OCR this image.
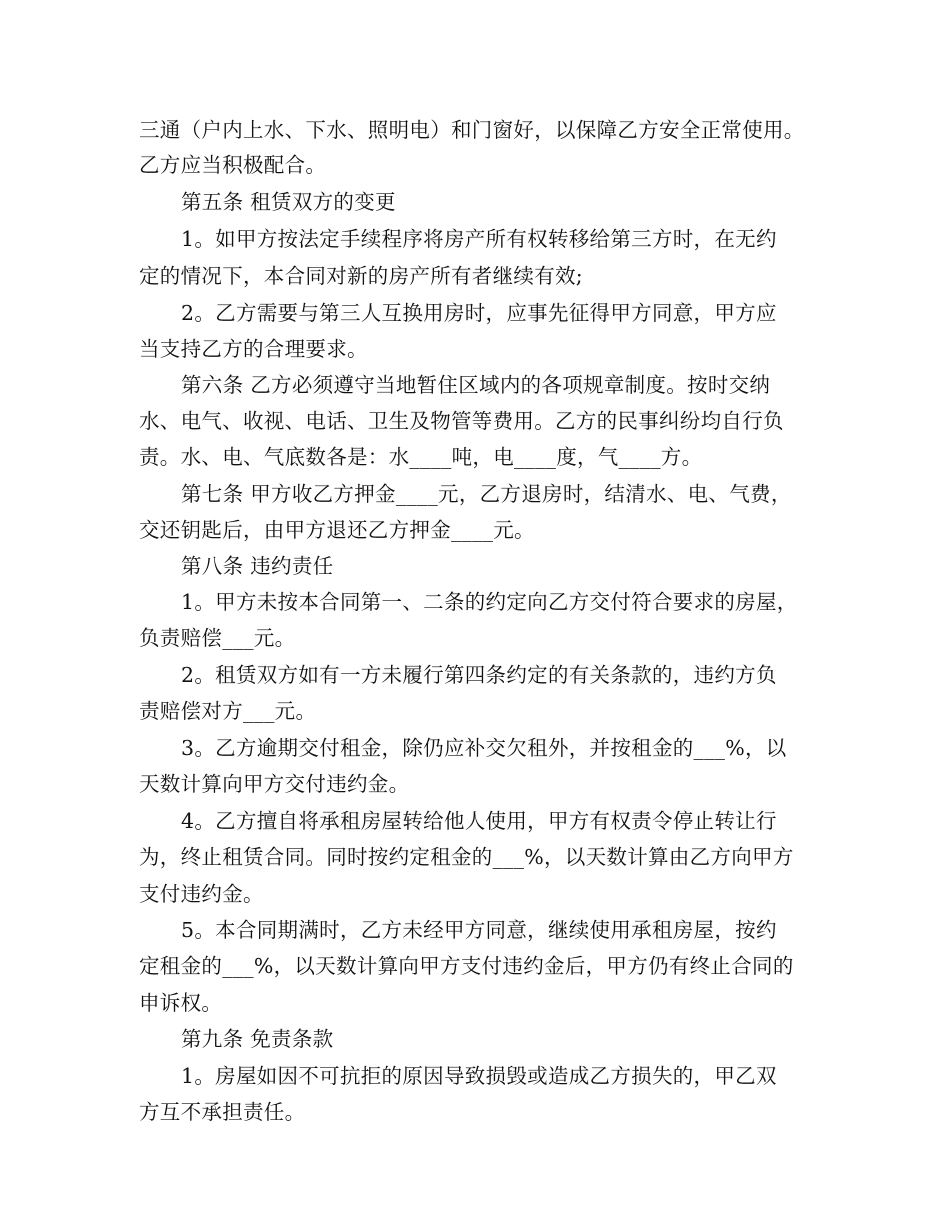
三通（户内上水、下水、照明电）和门窗好，以保障乙方安全正常使用。
乙方应当积极配合。
第五条 租赁双方的变更
1。如甲方按法定手续程序将房产所有权转移给第三方时，在无约
定的情况下，本合同对新的房产所有者继续有效;
2。乙方需要与第三人互换用房时，应事先征得甲方同意，甲方应
当支持乙方的合理要求。
第六条 乙方必须遵守当地暂住区域内的各项规章制度。按时交纳
水、电气、收视、电话、卫生及物管等费用。乙方的民事纠纷均自行负
责。水、电、气底数各是：水____吨，电____度，气____方。
第七条 甲方收乙方押金____元，乙方退房时，结清水、电、气费，
交还钥匙后，由甲方退还乙方押金____元。
第八条 违约责任
1。甲方未按本合同第一、二条的约定向乙方交付符合要求的房屋，
负责赔偿___元。
2。租赁双方如有一方未履行第四条约定的有关条款的，违约方负
责赔偿对方___元。
3。乙方逾期交付租金，除仍应补交欠租外，并按租金的___%，以
天数计算向甲方交付违约金。
4。乙方擅自将承租房屋转给他人使用，甲方有权责令停止转让行
为，终止租赁合同。同时按约定租金的___%，以天数计算由乙方向甲方
支付违约金。
5。本合同期满时，乙方未经甲方同意，继续使用承租房屋，按约
定租金的___%，以天数计算向甲方支付违约金后，甲方仍有终止合同的
申诉权。
第九条 免责条款
1。房屋如因不可抗拒的原因导致损毁或造成乙方损失的，甲乙双
方互不承担责任。
